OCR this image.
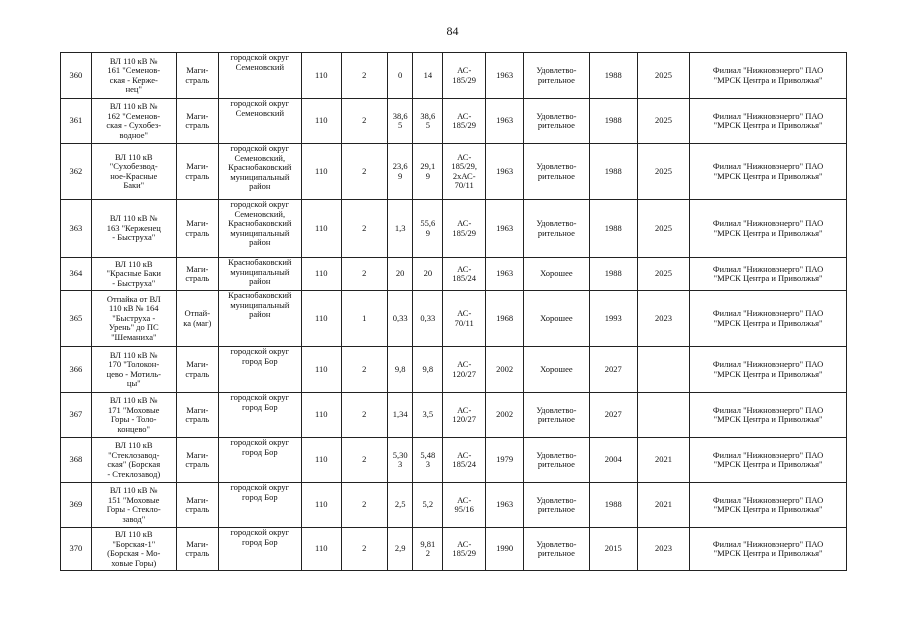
84
360	ВЛ 110 кВ №
161 "Семенов-
ская - Керже-
нец"	Маги-
страль	городской округ
Семеновский	110	2	0	14	АС-
185/29	1963	Удовлетво-
рительное	1988	2025	Филиал "Нижновэнерго" ПАО
"МРСК Центра и Приволжья"
361	ВЛ 110 кВ №
162 "Семенов-
ская - Сухобез-
водное"	Маги-
страль	городской округ
Семеновский	110	2	38,6
5	38,6
5	АС-
185/29	1963	Удовлетво-
рительное	1988	2025	Филиал "Нижновэнерго" ПАО
"МРСК Центра и Приволжья"
362	ВЛ 110 кВ
"Сухобезвод-
ное-Красные
Баки"	Маги-
страль	городской округ
Семеновский,
Краснобаковский
муниципальный
район	110	2	23,6
9	29,1
9	АС-
185/29,
2хАС-
70/11	1963	Удовлетво-
рительное	1988	2025	Филиал "Нижновэнерго" ПАО
"МРСК Центра и Приволжья"
363	ВЛ 110 кВ №
163 "Керженец
- Быструха"	Маги-
страль	городской округ
Семеновский,
Краснобаковский
муниципальный
район	110	2	1,3	55,6
9	АС-
185/29	1963	Удовлетво-
рительное	1988	2025	Филиал "Нижновэнерго" ПАО
"МРСК Центра и Приволжья"
364	ВЛ 110 кВ
"Красные Баки
- Быструха"	Маги-
страль	Краснобаковский
муниципальный
район	110	2	20	20	АС-
185/24	1963	Хорошее	1988	2025	Филиал "Нижновэнерго" ПАО
"МРСК Центра и Приволжья"
365	Отпайка от ВЛ
110 кВ № 164
"Быструха -
Урень" до ПС
"Шеманиха"	Отпай-
ка (маг)	Краснобаковский
муниципальный
район	110	1	0,33	0,33	АС-
70/11	1968	Хорошее	1993	2023	Филиал "Нижновэнерго" ПАО
"МРСК Центра и Приволжья"
366	ВЛ 110 кВ №
170 "Толокон-
цево - Мотиль-
цы"	Маги-
страль	городской округ
город Бор	110	2	9,8	9,8	АС-
120/27	2002	Хорошее	2027		Филиал "Нижновэнерго" ПАО
"МРСК Центра и Приволжья"
367	ВЛ 110 кВ №
171 "Моховые
Горы - Толо-
концево"	Маги-
страль	городской округ
город Бор	110	2	1,34	3,5	АС-
120/27	2002	Удовлетво-
рительное	2027		Филиал "Нижновэнерго" ПАО
"МРСК Центра и Приволжья"
368	ВЛ 110 кВ
"Стеклозавод-
ская" (Борская
- Стеклозавод)	Маги-
страль	городской округ
город Бор	110	2	5,30
3	5,48
3	АС-
185/24	1979	Удовлетво-
рительное	2004	2021	Филиал "Нижновэнерго" ПАО
"МРСК Центра и Приволжья"
369	ВЛ 110 кВ №
151 "Моховые
Горы - Стекло-
завод"	Маги-
страль	городской округ
город Бор	110	2	2,5	5,2	АС-
95/16	1963	Удовлетво-
рительное	1988	2021	Филиал "Нижновэнерго" ПАО
"МРСК Центра и Приволжья"
370	ВЛ 110 кВ
"Борская-1"
(Борская - Мо-
ховые Горы)	Маги-
страль	городской округ
город Бор	110	2	2,9	9,81
2	АС-
185/29	1990	Удовлетво-
рительное	2015	2023	Филиал "Нижновэнерго" ПАО
"МРСК Центра и Приволжья"
